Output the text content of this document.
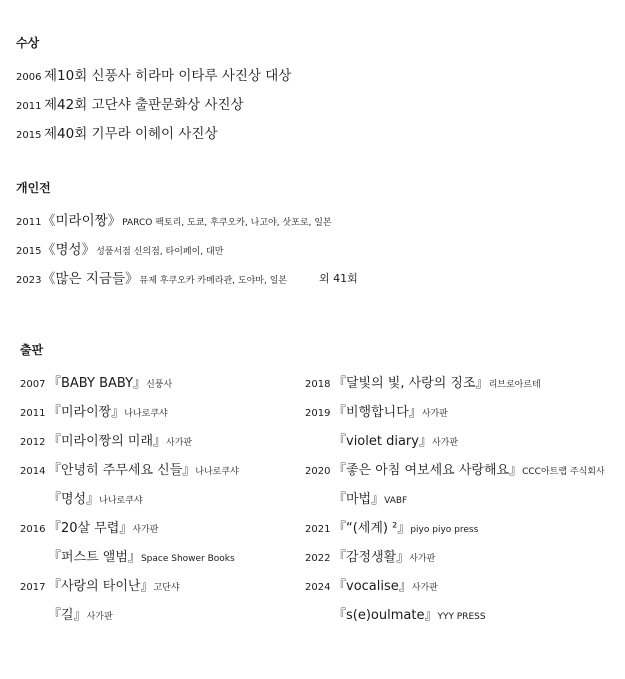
수상
2006 제10회 신풍사 히라마 이타루 사진상 대상
2011 제42회 고단샤 출판문화상 사진상
2015 제40회 기무라 이헤이 사진상
개인전
2011 《미라이짱》 PARCO 팩토리, 도쿄, 후쿠오카, 나고야, 삿포로, 일본
2015 《명성》 성품서점 신의점, 타이페이, 대만
2023 《많은 지금들》 뮤제 후쿠오카 카메라관, 도야마, 일본	외 41회
출판
2007 『BABY BABY』 신풍사
2011 『미라이짱』 나나로쿠샤
2012 『미라이짱의 미래』 사가판
2014 『안녕히 주무세요 신들』 나나로쿠샤
『명성』 나나로쿠샤
2016 『20살 무렵』 사가판
『퍼스트 앨범』 Space Shower Books
2017 『사랑의 타이난』 고단샤
『길』 사가판
2018 『달빛의 빛, 사랑의 징조』 리브로아르테
2019 『비행합니다』 사가판
『violet diary』 사가판
2020 『좋은 아침 여보세요 사랑해요』 CCC아트랩 주식회사
『마법』 VABF
2021 『“(세계) ²』 piyo piyo press
2022 『감정생활』 사가판
2024 『vocalise』 사가판
『s(e)oulmate』 YYY PRESS
